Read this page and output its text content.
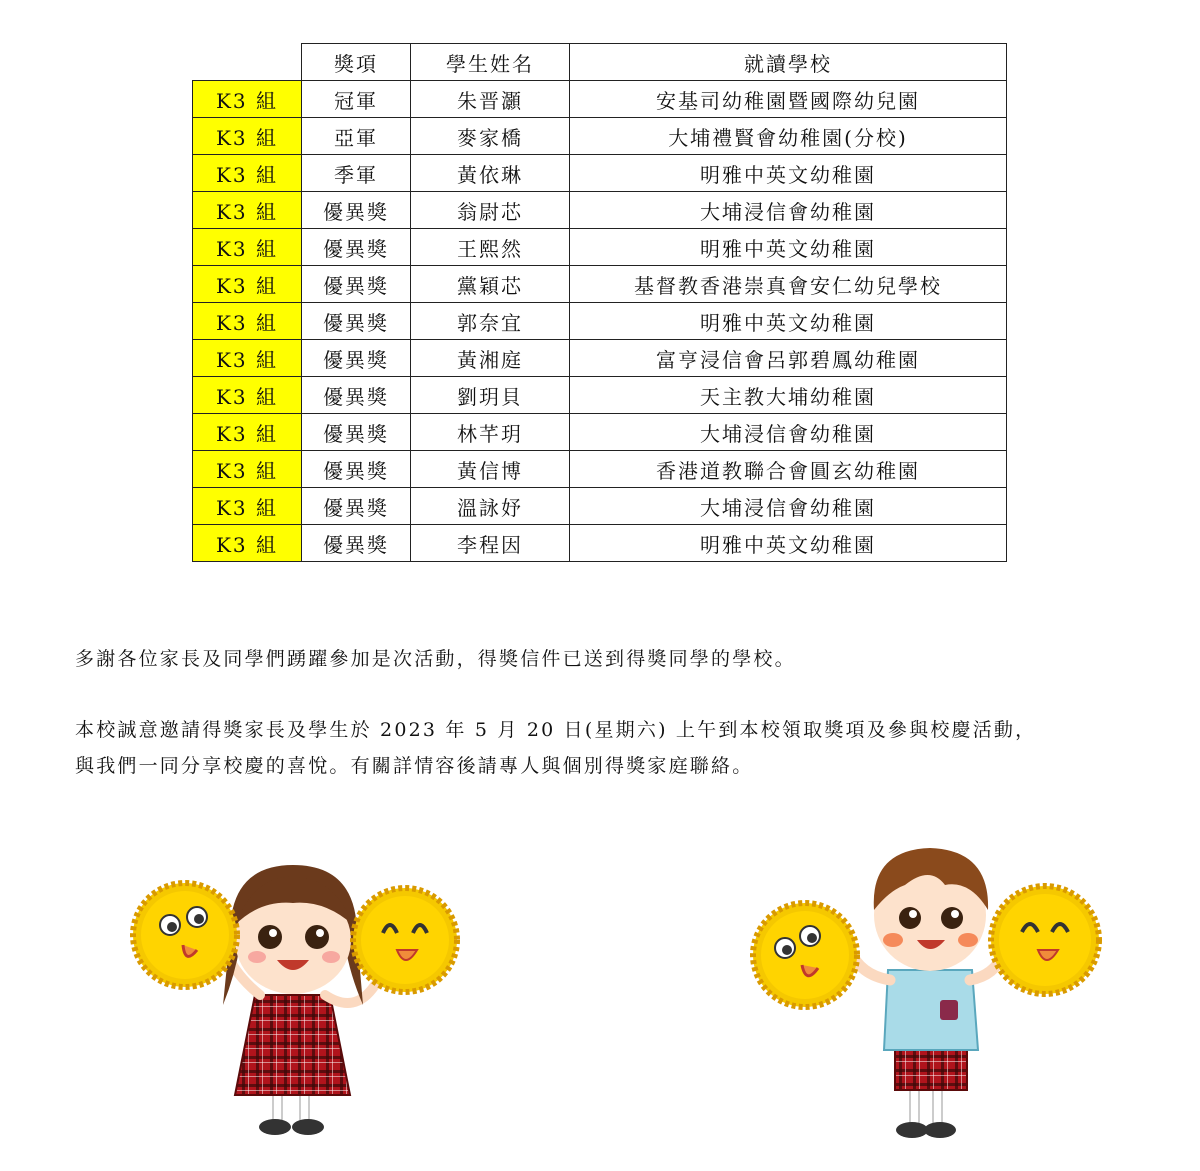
	獎項	學生姓名	就讀學校
K3 組	冠軍	朱晋灝	安基司幼稚園暨國際幼兒園
K3 組	亞軍	麥家橋	大埔禮賢會幼稚園(分校)
K3 組	季軍	黃依琳	明雅中英文幼稚園
K3 組	優異獎	翁尉芯	大埔浸信會幼稚園
K3 組	優異獎	王熙然	明雅中英文幼稚園
K3 組	優異獎	黨穎芯	基督教香港崇真會安仁幼兒學校
K3 組	優異獎	郭奈宜	明雅中英文幼稚園
K3 組	優異獎	黃湘庭	富亨浸信會呂郭碧鳳幼稚園
K3 組	優異獎	劉玥貝	天主教大埔幼稚園
K3 組	優異獎	林芊玥	大埔浸信會幼稚園
K3 組	優異獎	黃信博	香港道教聯合會圓玄幼稚園
K3 組	優異獎	溫詠妤	大埔浸信會幼稚園
K3 組	優異獎	李程因	明雅中英文幼稚園
多謝各位家長及同學們踴躍參加是次活動，得獎信件已送到得獎同學的學校。
本校誠意邀請得獎家長及學生於 2023 年 5 月 20 日(星期六) 上午到本校領取獎項及參與校慶活動，
與我們一同分享校慶的喜悅。有關詳情容後請專人與個別得獎家庭聯絡。
